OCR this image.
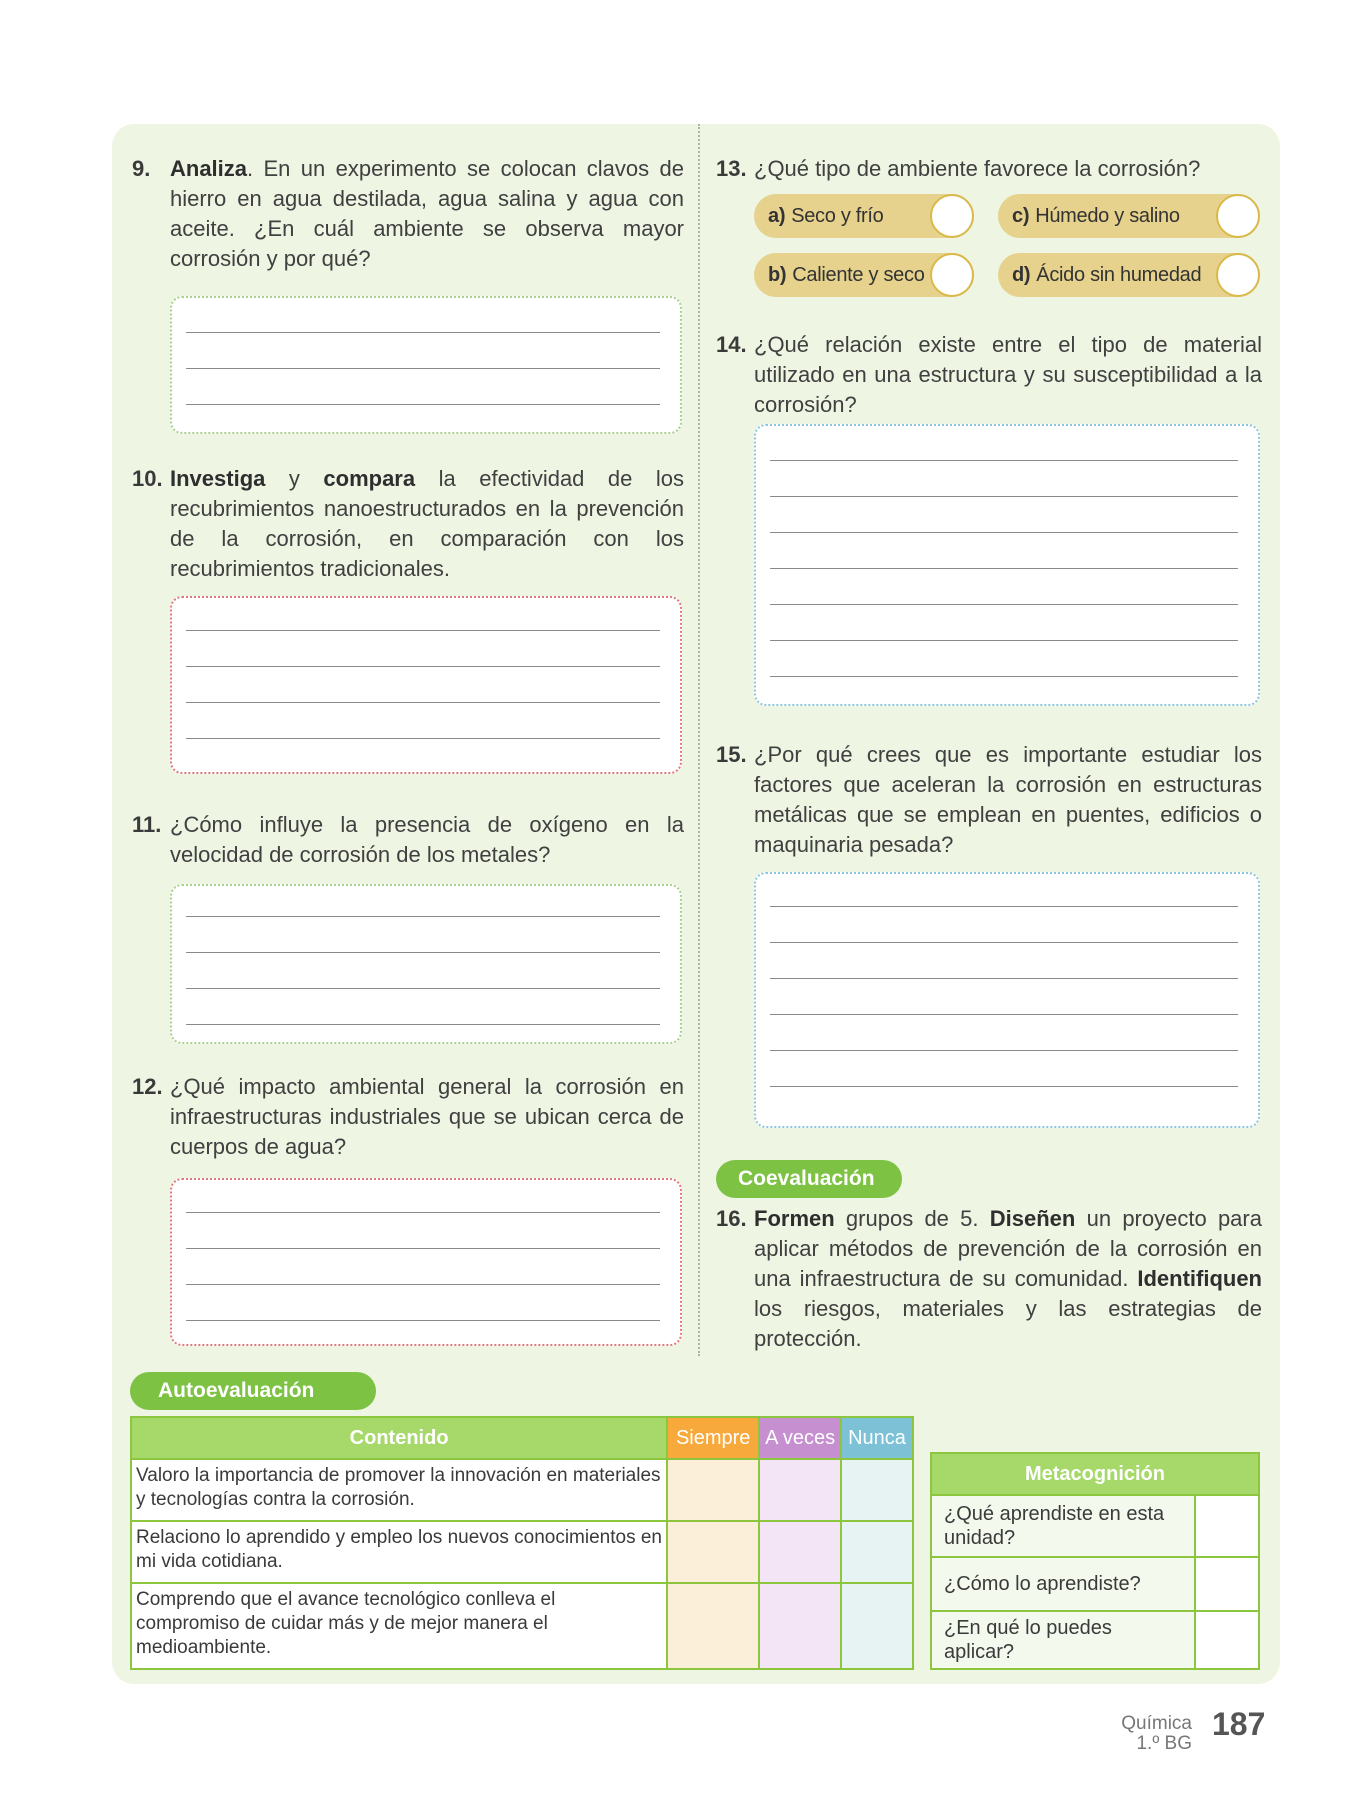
9. Analiza. En un experimento se colocan clavos de hierro en agua destilada, agua salina y agua con aceite. ¿En cuál ambiente se observa mayor corrosión y por qué?
10. Investiga y compara la efectividad de los recubrimientos nanoestructurados en la prevención de la corrosión, en comparación con los recubrimientos tradicionales.
11. ¿Cómo influye la presencia de oxígeno en la velocidad de corrosión de los metales?
12. ¿Qué impacto ambiental general la corrosión en infraestructuras industriales que se ubican cerca de cuerpos de agua?
13. ¿Qué tipo de ambiente favorece la corrosión?
a) Seco y frío	c) Húmedo y salino
b) Caliente y seco	d) Ácido sin humedad
14. ¿Qué relación existe entre el tipo de material utilizado en una estructura y su susceptibilidad a la corrosión?
15. ¿Por qué crees que es importante estudiar los factores que aceleran la corrosión en estructuras metálicas que se emplean en puentes, edificios o maquinaria pesada?
Coevaluación
16. Formen grupos de 5. Diseñen un proyecto para aplicar métodos de prevención de la corrosión en una infraestructura de su comunidad. Identifiquen los riesgos, materiales y las estrategias de protección.
Autoevaluación
Contenido	Siempre	A veces	Nunca
Valoro la importancia de promover la innovación en materiales y tecnologías contra la corrosión.			
Relaciono lo aprendido y empleo los nuevos conocimientos en mi vida cotidiana.			
Comprendo que el avance tecnológico conlleva el compromiso de cuidar más y de mejor manera el medioambiente.			
Metacognición	
¿Qué aprendiste en esta unidad?	
¿Cómo lo aprendiste?	
¿En qué lo puedes aplicar?	
Química
1.º BG
187
